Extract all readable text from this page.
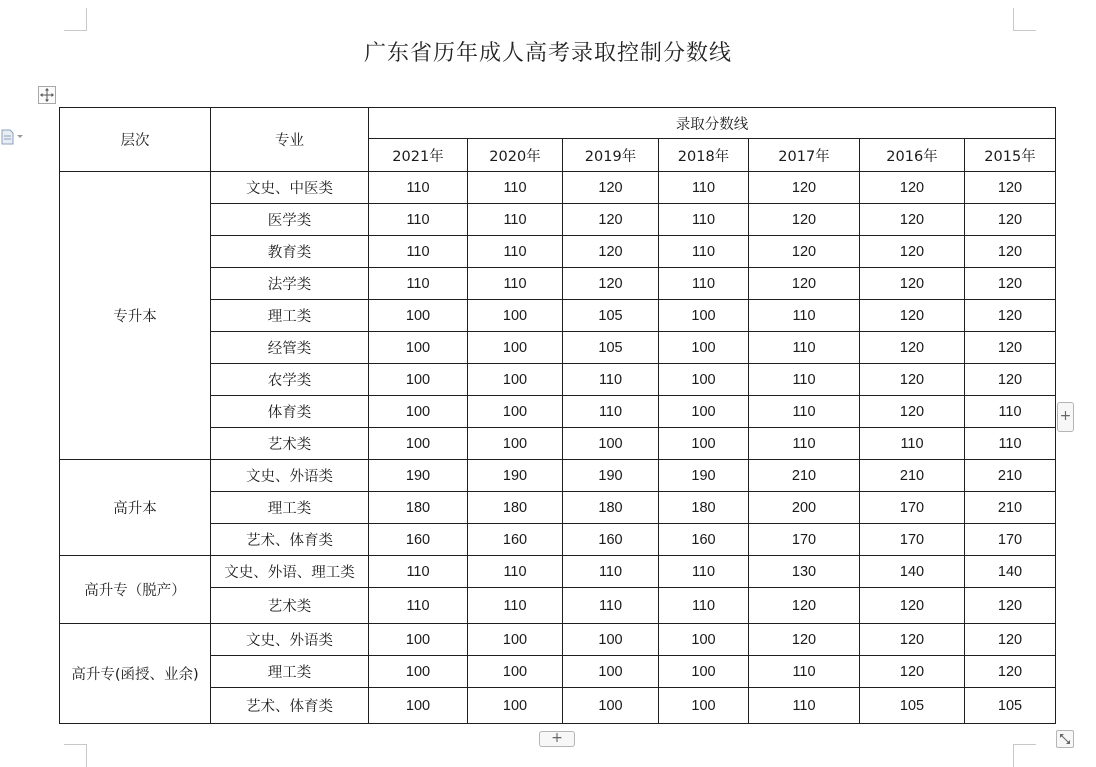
广东省历年成人高考录取控制分数线
层次	专业	录取分数线						
		2021年	2020年	2019年	2018年	2017年	2016年	2015年
专升本	文史、中医类	110	110	120	110	120	120	120
	医学类	110	110	120	110	120	120	120
	教育类	110	110	120	110	120	120	120
	法学类	110	110	120	110	120	120	120
	理工类	100	100	105	100	110	120	120
	经管类	100	100	105	100	110	120	120
	农学类	100	100	110	100	110	120	120
	体育类	100	100	110	100	110	120	110
	艺术类	100	100	100	100	110	110	110
高升本	文史、外语类	190	190	190	190	210	210	210
	理工类	180	180	180	180	200	170	210
	艺术、体育类	160	160	160	160	170	170	170
高升专（脱产）	文史、外语、理工类	110	110	110	110	130	140	140
	艺术类	110	110	110	110	120	120	120
高升专(函授、业余)	文史、外语类	100	100	100	100	120	120	120
	理工类	100	100	100	100	110	120	120
	艺术、体育类	100	100	100	100	110	105	105
+
+
